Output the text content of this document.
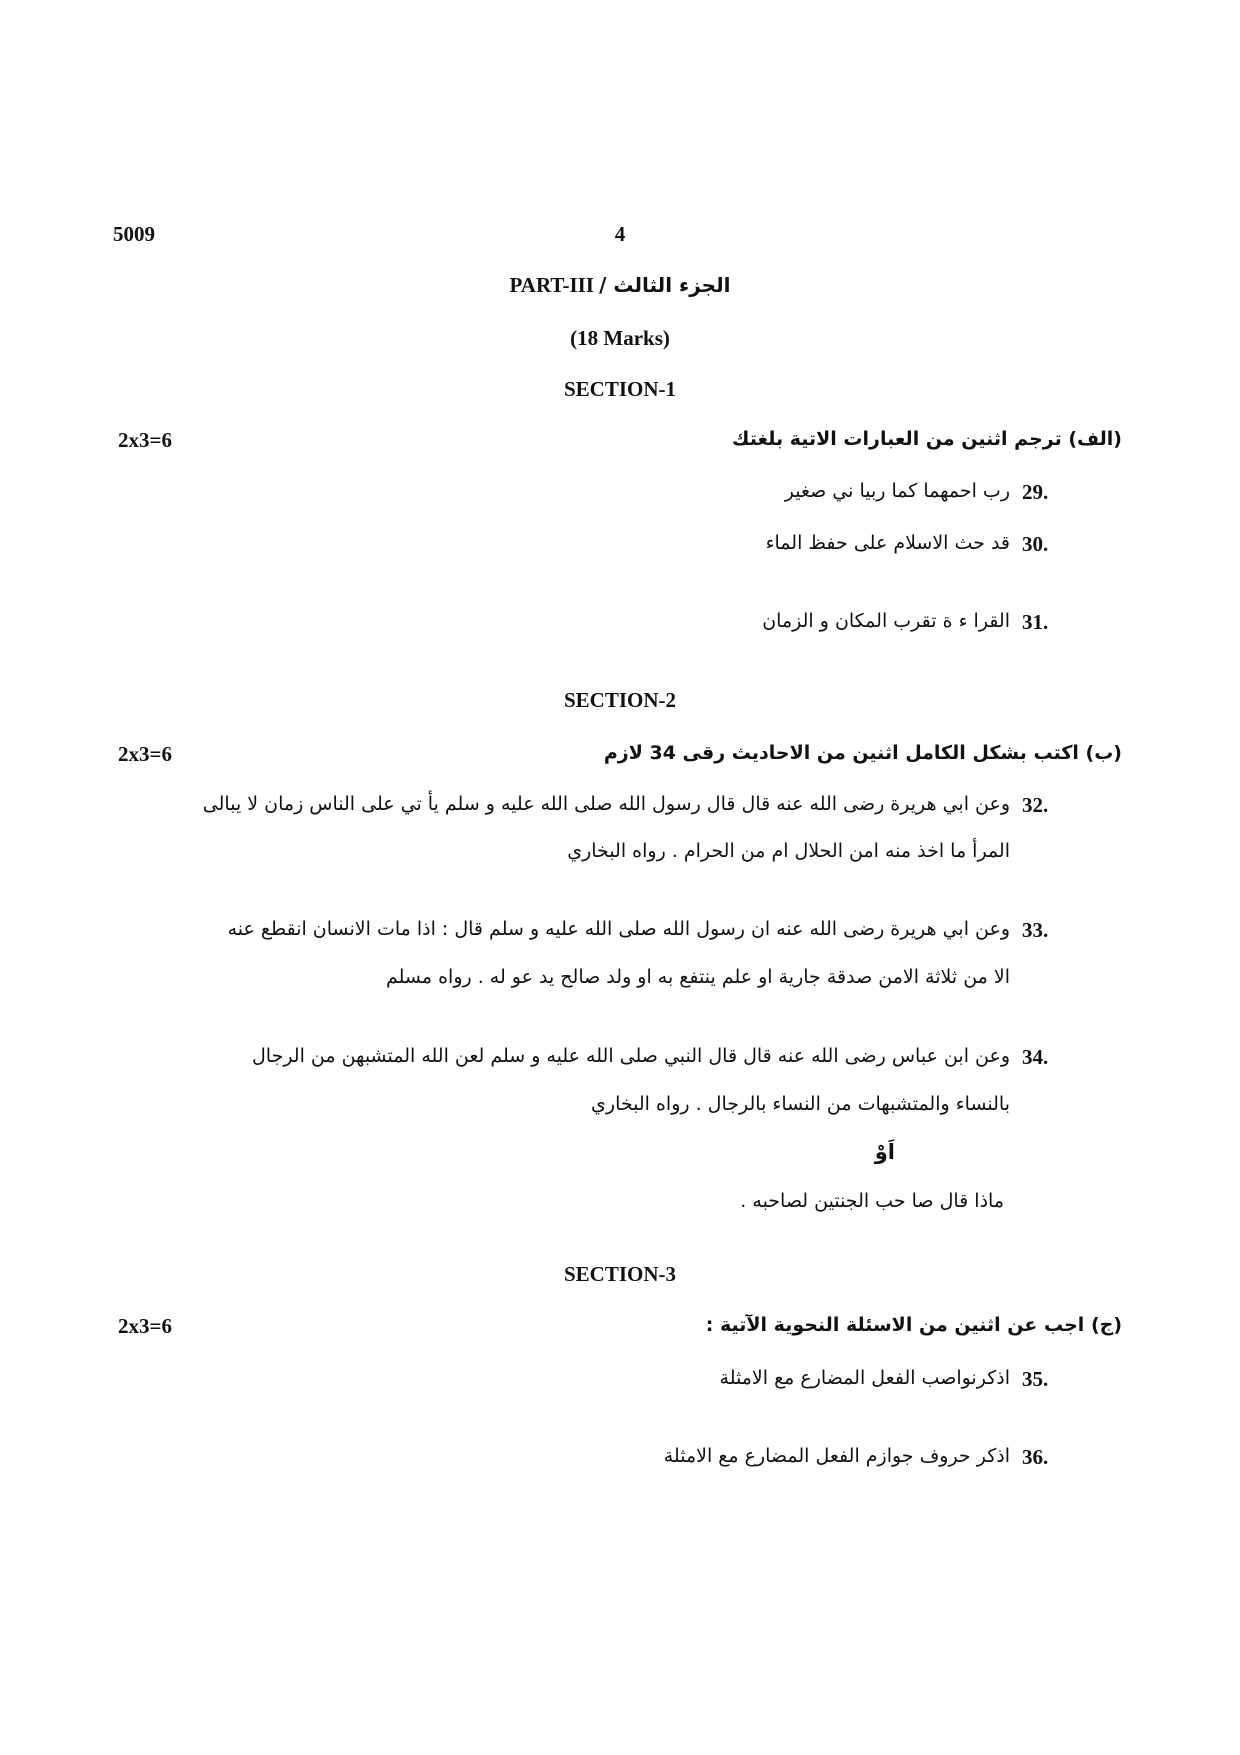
5009	4
PART-III الجزء الثالث /
(18 Marks)
SECTION-1
2x3=6	(الف) ترجم اثنين من العبارات الاتية بلغتك
29.
رب احمهما كما ربيا ني صغير
30.
قد حث الاسلام على حفظ الماء
31.
القرا ء ة تقرب المكان و الزمان
SECTION-2
2x3=6	(ب) اكتب بشكل الكامل اثنين من الاحاديث رقى 34 لازم
32.
وعن ابي هريرة رضى الله عنه قال قال رسول الله صلى الله عليه و سلم يأ تي على الناس زمان لا يبالى
المرأ ما اخذ منه امن الحلال ام من الحرام . رواه البخاري
33.
وعن ابي هريرة رضى الله عنه ان رسول الله صلى الله عليه و سلم قال : اذا مات الانسان انقطع عنه
الا من ثلاثة الامن صدقة جارية او علم ينتفع به او ولد صالح يد عو له . رواه مسلم
34.
وعن ابن عباس رضى الله عنه قال قال النبي صلى الله عليه و سلم لعن الله المتشبهن من الرجال
بالنساء والمتشبهات من النساء بالرجال . رواه البخاري
اَوْ
ماذا قال صا حب الجنتين لصاحبه .
SECTION-3
2x3=6	(ج) اجب عن اثنين من الاسئلة النحوية الآتية :
35.
اذكرنواصب الفعل المضارع مع الامثلة
36.
اذكر حروف جوازم الفعل المضارع مع الامثلة
